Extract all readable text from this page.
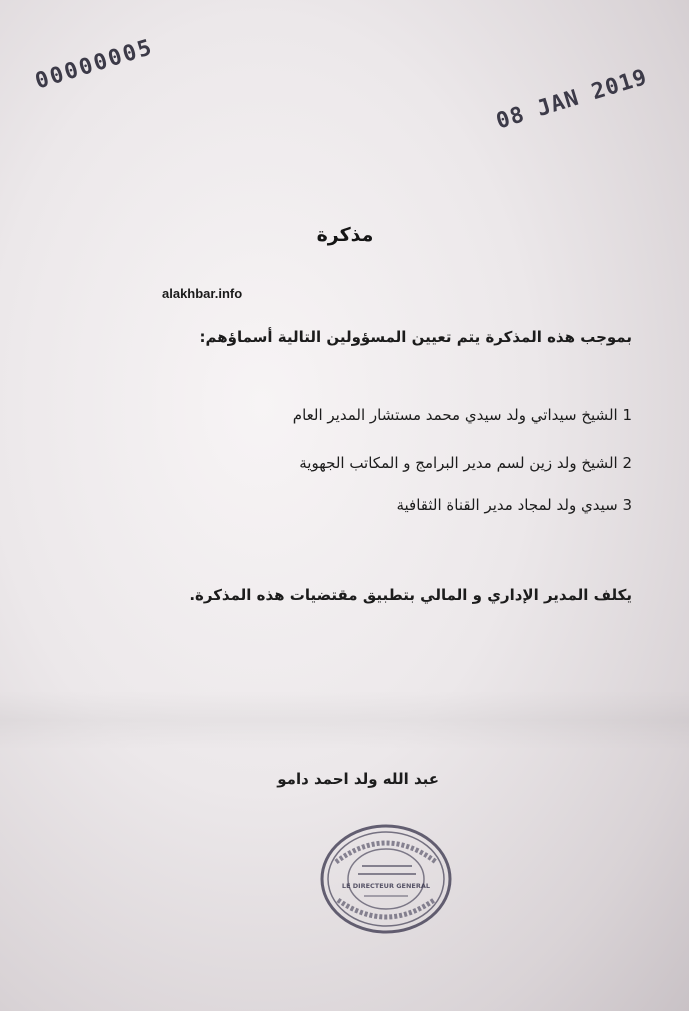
00000005
08 JAN 2019
مذكرة
alakhbar.info
بموجب هذه المذكرة يتم تعيين المسؤولين التالية أسماؤهم:
1 الشيخ سيداتي ولد سيدي محمد مستشار المدير العام
2 الشيخ ولد زين لسم مدير البرامج و المكاتب الجهوية
3 سيدي ولد لمجاد مدير القناة الثقافية
يكلف المدير الإداري و المالي بتطبيق مقتضيات هذه المذكرة.
عبد الله ولد احمد دامو
LE DIRECTEUR GENERAL
